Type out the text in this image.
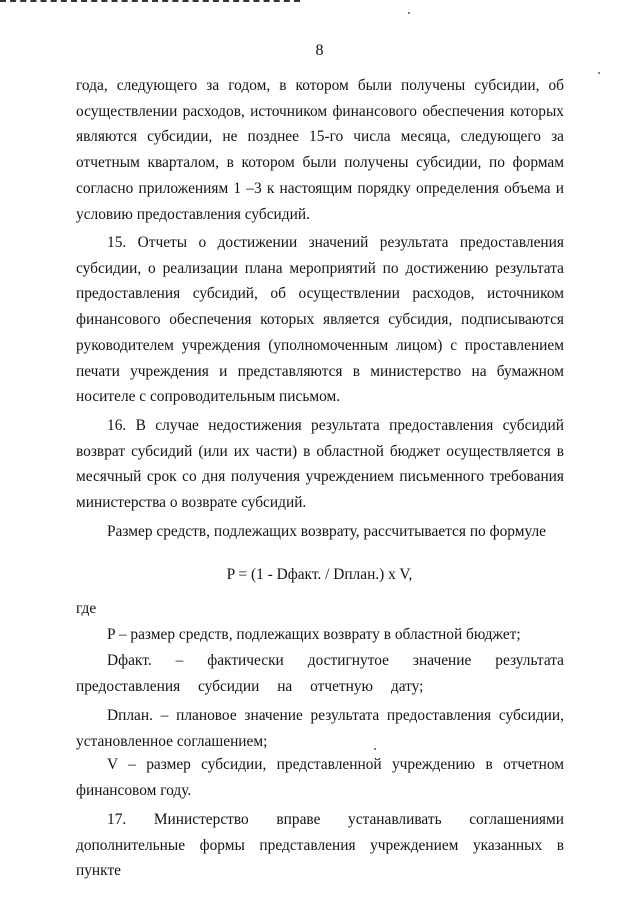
8

года, следующего за годом, в котором были получены субсидии, об осуществлении расходов, источником финансового обеспечения которых являются субсидии, не позднее 15-го числа месяца, следующего за отчетным кварталом, в котором были получены субсидии, по формам согласно приложениям 1 –3 к настоящим порядку определения объема и условию предоставления субсидий.

15. Отчеты о достижении значений результата предоставления субсидии, о реализации плана мероприятий по достижению результата предоставления субсидий, об осуществлении расходов, источником финансового обеспечения которых является субсидия, подписываются руководителем учреждения (уполномоченным лицом) с проставлением печати учреждения и представляются в министерство на бумажном носителе с сопроводительным письмом.

16. В случае недостижения результата предоставления субсидий возврат субсидий (или их части) в областной бюджет осуществляется в месячный срок со дня получения учреждением письменного требования министерства о возврате субсидий.

Размер средств, подлежащих возврату, рассчитывается по формуле

P = (1 - Dфакт. / Dплан.) x V,

где

P – размер средств, подлежащих возврату в областной бюджет;

Dфакт. – фактически достигнутое значение результата предоставления субсидии на отчетную дату;

Dплан. – плановое значение результата предоставления субсидии, установленное соглашением;

V – размер субсидии, представленной учреждению в отчетном финансовом году.

17. Министерство вправе устанавливать соглашениями дополнительные формы представления учреждением указанных в пункте
